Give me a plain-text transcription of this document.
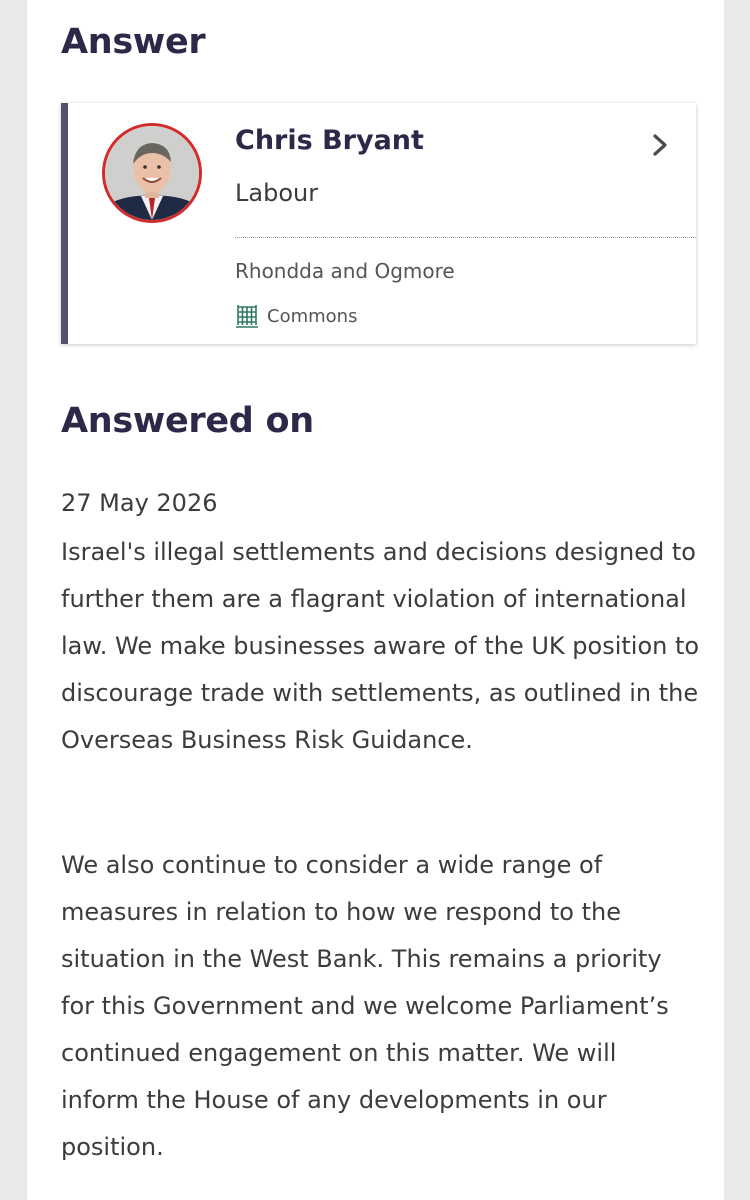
Answer
Chris Bryant
Labour
Rhondda and Ogmore
Commons
Answered on
27 May 2026

Israel's illegal settlements and decisions designed to further them are a flagrant violation of international law. We make businesses aware of the UK position to discourage trade with settlements, as outlined in the Overseas Business Risk Guidance.

We also continue to consider a wide range of measures in relation to how we respond to the situation in the West Bank. This remains a priority for this Government and we welcome Parliament’s continued engagement on this matter. We will inform the House of any developments in our position.
